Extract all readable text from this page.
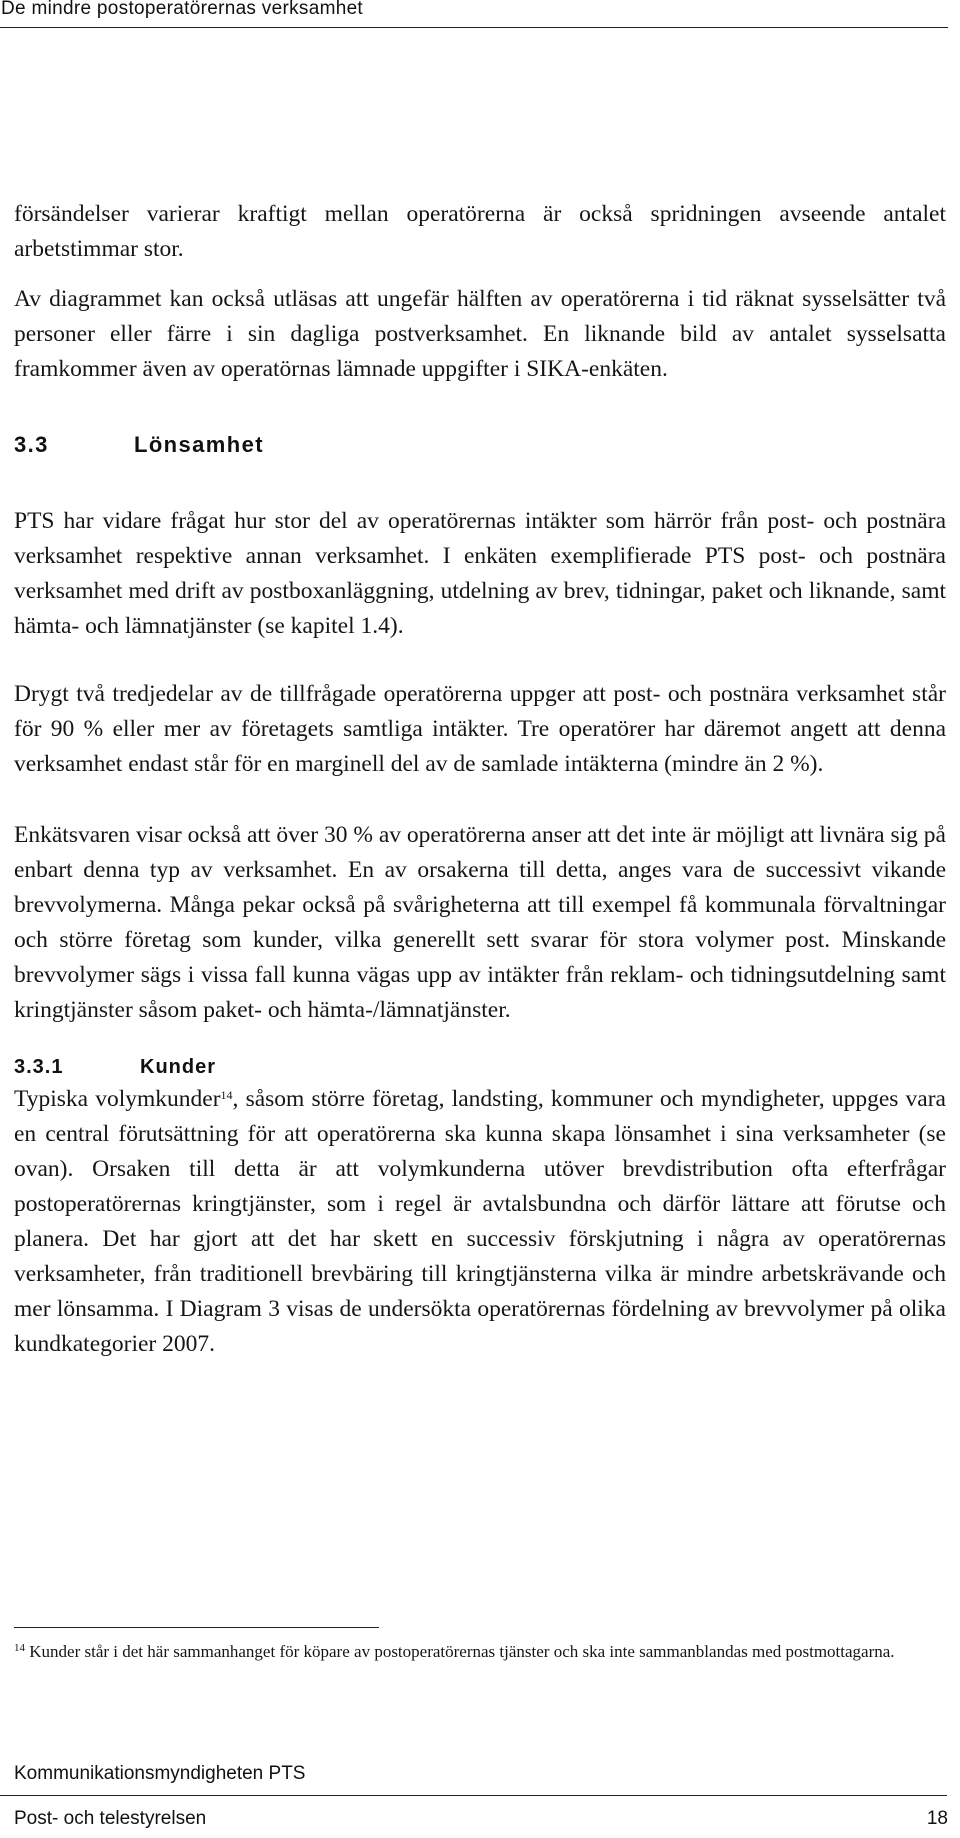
De mindre postoperatörernas verksamhet

försändelser varierar kraftigt mellan operatörerna är också spridningen avseende antalet arbetstimmar stor.

Av diagrammet kan också utläsas att ungefär hälften av operatörerna i tid räknat sysselsätter två personer eller färre i sin dagliga postverksamhet. En liknande bild av antalet sysselsatta framkommer även av operatörnas lämnade uppgifter i SIKA-enkäten.

3.3	Lönsamhet

PTS har vidare frågat hur stor del av operatörernas intäkter som härrör från post- och postnära verksamhet respektive annan verksamhet. I enkäten exemplifierade PTS post- och postnära verksamhet med drift av postboxanläggning, utdelning av brev, tidningar, paket och liknande, samt hämta- och lämnatjänster (se kapitel 1.4).

Drygt två tredjedelar av de tillfrågade operatörerna uppger att post- och postnära verksamhet står för 90 % eller mer av företagets samtliga intäkter. Tre operatörer har däremot angett att denna verksamhet endast står för en marginell del av de samlade intäkterna (mindre än 2 %).

Enkätsvaren visar också att över 30 % av operatörerna anser att det inte är möjligt att livnära sig på enbart denna typ av verksamhet. En av orsakerna till detta, anges vara de successivt vikande brevvolymerna. Många pekar också på svårigheterna att till exempel få kommunala förvaltningar och större företag som kunder, vilka generellt sett svarar för stora volymer post. Minskande brevvolymer sägs i vissa fall kunna vägas upp av intäkter från reklam- och tidningsutdelning samt kringtjänster såsom paket- och hämta-/lämnatjänster.

3.3.1	Kunder

Typiska volymkunder$^{14}$, såsom större företag, landsting, kommuner och myndigheter, uppges vara en central förutsättning för att operatörerna ska kunna skapa lönsamhet i sina verksamheter (se ovan). Orsaken till detta är att volymkunderna utöver brevdistribution ofta efterfrågar postoperatörernas kringtjänster, som i regel är avtalsbundna och därför lättare att förutse och planera. Det har gjort att det har skett en successiv förskjutning i några av operatörernas verksamheter, från traditionell brevbäring till kringtjänsterna vilka är mindre arbetskrävande och mer lönsamma. I Diagram 3 visas de undersökta operatörernas fördelning av brevvolymer på olika kundkategorier 2007.

$^{14}$ Kunder står i det här sammanhanget för köpare av postoperatörernas tjänster och ska inte sammanblandas med postmottagarna.

Kommunikationsmyndigheten PTS
Post- och telestyrelsen	18
